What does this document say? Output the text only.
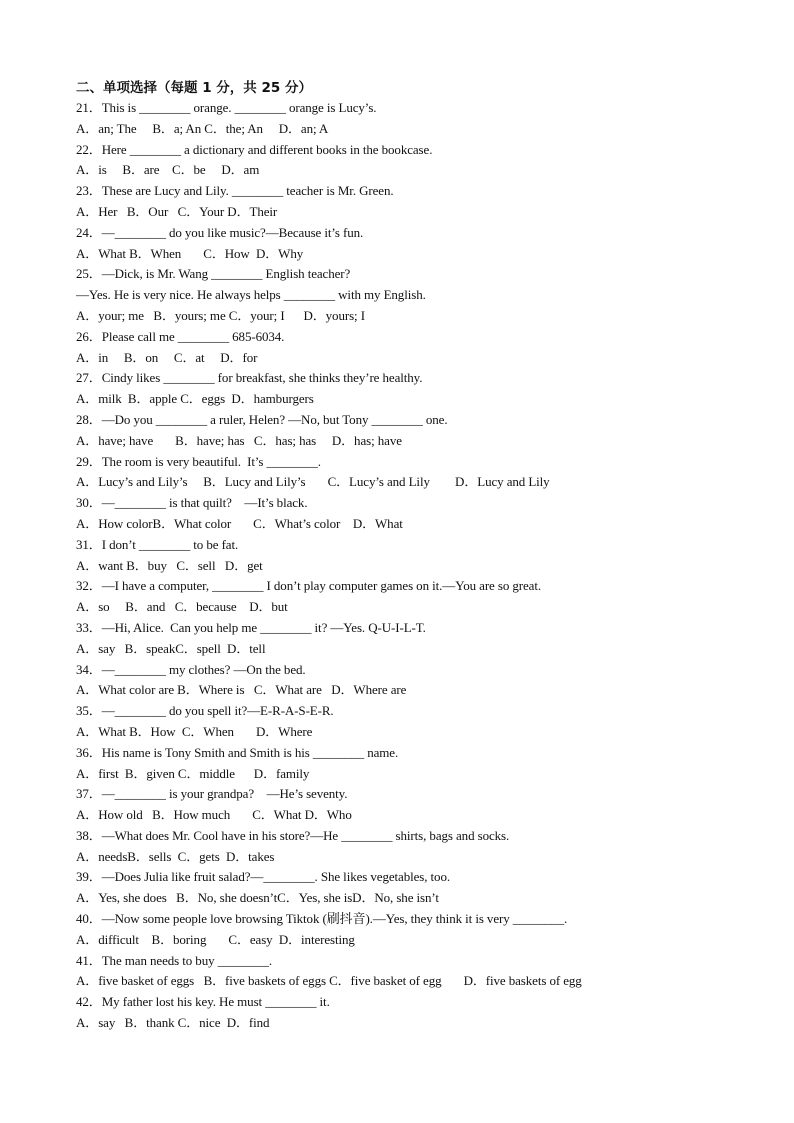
二、单项选择（每题 1 分，共 25 分）
21．This is ________ orange. ________ orange is Lucy’s.
A．an; The     B．a; An C．the; An     D．an; A
22．Here ________ a dictionary and different books in the bookcase.
A．is     B．are    C．be     D．am
23．These are Lucy and Lily. ________ teacher is Mr. Green.
A．Her   B．Our   C．Your D．Their
24．—________ do you like music?—Because it’s fun.
A．What B．When       C．How  D．Why
25．—Dick, is Mr. Wang ________ English teacher?
—Yes. He is very nice. He always helps ________ with my English.
A．your; me   B．yours; me C．your; I      D．yours; I
26．Please call me ________ 685-6034.
A．in     B．on     C．at     D．for
27．Cindy likes ________ for breakfast, she thinks they’re healthy.
A．milk  B．apple C．eggs  D．hamburgers
28．—Do you ________ a ruler, Helen? —No, but Tony ________ one.
A．have; have       B．have; has   C．has; has     D．has; have
29．The room is very beautiful.  It’s ________.
A．Lucy’s and Lily’s     B．Lucy and Lily’s       C．Lucy’s and Lily        D．Lucy and Lily
30．—________ is that quilt?    —It’s black.
A．How colorB．What color       C．What’s color    D．What
31．I don’t ________ to be fat.
A．want B．buy   C．sell   D．get
32．—I have a computer, ________ I don’t play computer games on it.—You are so great.
A．so     B．and   C．because    D．but
33．—Hi, Alice.  Can you help me ________ it? —Yes. Q-U-I-L-T.
A．say   B．speakC．spell  D．tell
34．—________ my clothes? —On the bed.
A．What color are B．Where is   C．What are   D．Where are
35．—________ do you spell it?—E-R-A-S-E-R.
A．What B．How  C．When       D．Where
36．His name is Tony Smith and Smith is his ________ name.
A．first  B．given C．middle      D．family
37．—________ is your grandpa?    —He’s seventy.
A．How old   B．How much       C．What D．Who
38．—What does Mr. Cool have in his store?—He ________ shirts, bags and socks.
A．needsB．sells  C．gets  D．takes
39．—Does Julia like fruit salad?—________. She likes vegetables, too.
A．Yes, she does   B．No, she doesn’tC．Yes, she isD．No, she isn’t
40．—Now some people love browsing Tiktok (刷抖音).—Yes, they think it is very ________.
A．difficult    B．boring       C．easy  D．interesting
41．The man needs to buy ________.
A．five basket of eggs   B．five baskets of eggs C．five basket of egg       D．five baskets of egg
42．My father lost his key. He must ________ it.
A．say   B．thank C．nice  D．find
